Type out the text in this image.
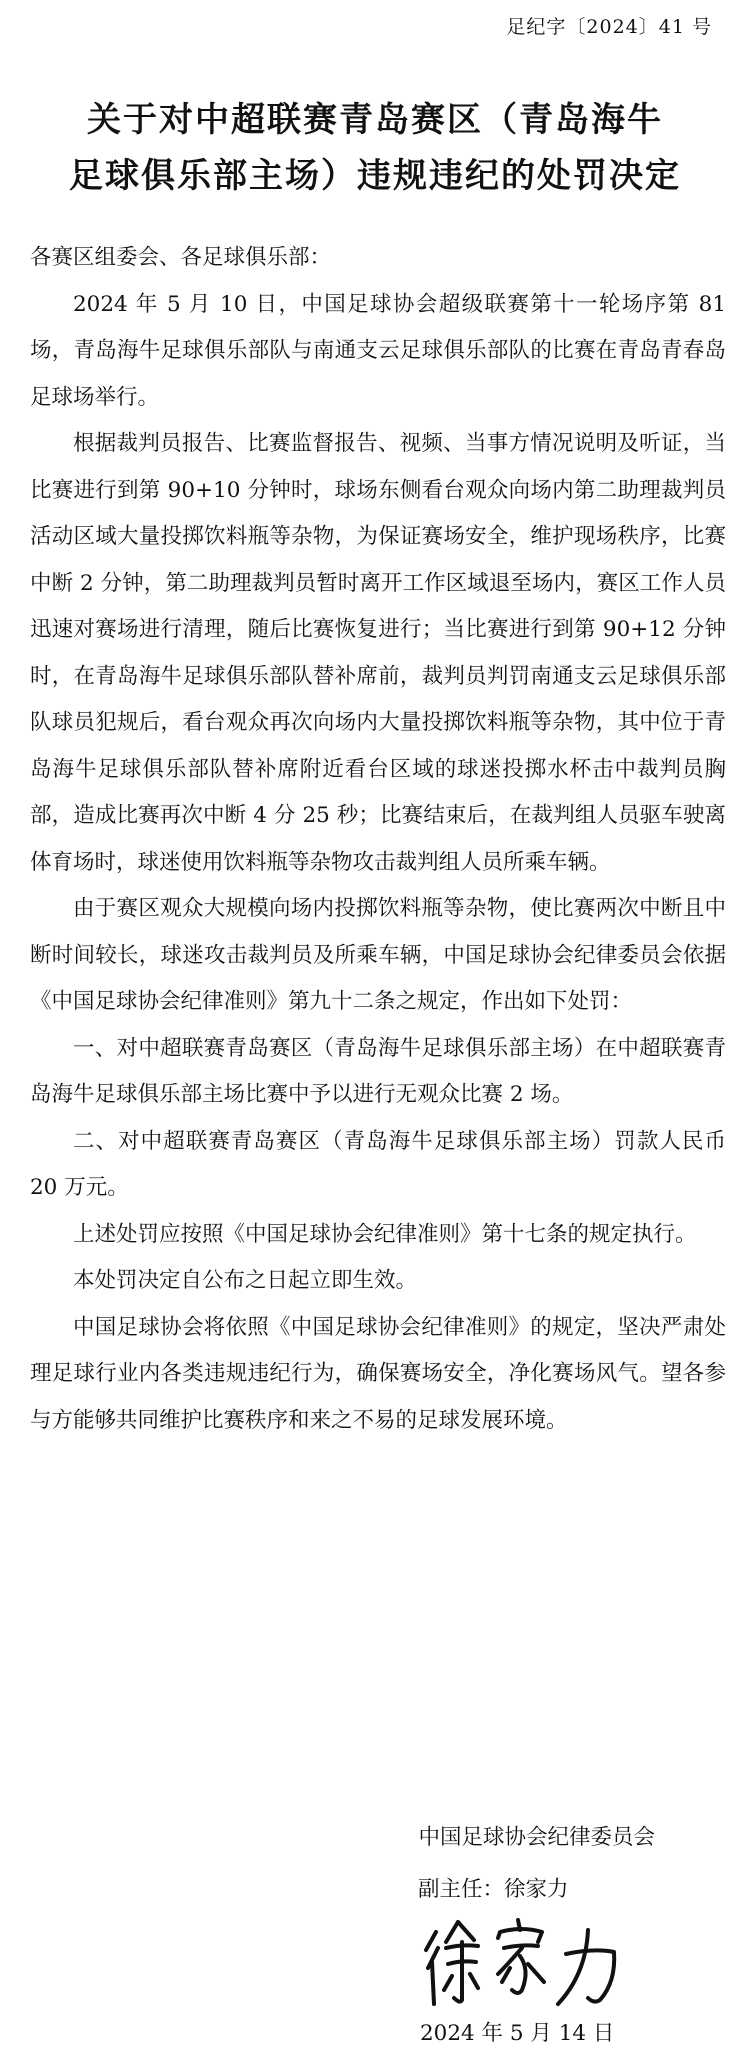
足纪字〔2024〕41 号

关于对中超联赛青岛赛区（青岛海牛
足球俱乐部主场）违规违纪的处罚决定

各赛区组委会、各足球俱乐部：

2024 年 5 月 10 日，中国足球协会超级联赛第十一轮场序第 81 场，青岛海牛足球俱乐部队与南通支云足球俱乐部队的比赛在青岛青春岛足球场举行。

根据裁判员报告、比赛监督报告、视频、当事方情况说明及听证，当比赛进行到第 90+10 分钟时，球场东侧看台观众向场内第二助理裁判员活动区域大量投掷饮料瓶等杂物，为保证赛场安全，维护现场秩序，比赛中断 2 分钟，第二助理裁判员暂时离开工作区域退至场内，赛区工作人员迅速对赛场进行清理，随后比赛恢复进行；当比赛进行到第 90+12 分钟时，在青岛海牛足球俱乐部队替补席前，裁判员判罚南通支云足球俱乐部队球员犯规后，看台观众再次向场内大量投掷饮料瓶等杂物，其中位于青岛海牛足球俱乐部队替补席附近看台区域的球迷投掷水杯击中裁判员胸部，造成比赛再次中断 4 分 25 秒；比赛结束后，在裁判组人员驱车驶离体育场时，球迷使用饮料瓶等杂物攻击裁判组人员所乘车辆。

由于赛区观众大规模向场内投掷饮料瓶等杂物，使比赛两次中断且中断时间较长，球迷攻击裁判员及所乘车辆，中国足球协会纪律委员会依据《中国足球协会纪律准则》第九十二条之规定，作出如下处罚：

一、对中超联赛青岛赛区（青岛海牛足球俱乐部主场）在中超联赛青岛海牛足球俱乐部主场比赛中予以进行无观众比赛 2 场。

二、对中超联赛青岛赛区（青岛海牛足球俱乐部主场）罚款人民币 20 万元。

上述处罚应按照《中国足球协会纪律准则》第十七条的规定执行。

本处罚决定自公布之日起立即生效。

中国足球协会将依照《中国足球协会纪律准则》的规定，坚决严肃处理足球行业内各类违规违纪行为，确保赛场安全，净化赛场风气。望各参与方能够共同维护比赛秩序和来之不易的足球发展环境。

中国足球协会纪律委员会

副主任：徐家力

2024 年 5 月 14 日
